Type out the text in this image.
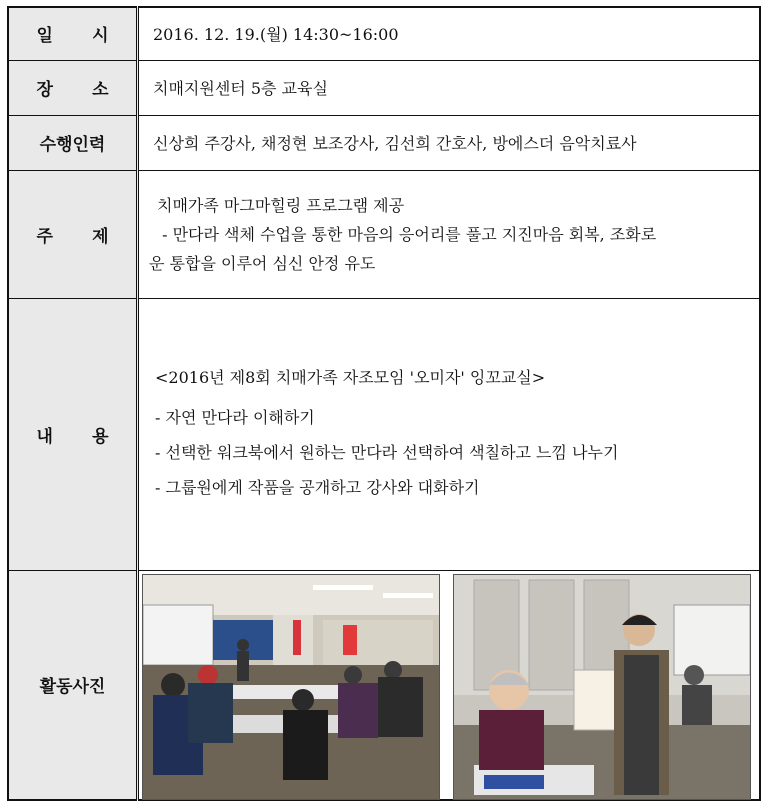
일 시	2016. 12. 19.(월) 14:30~16:00
장 소	치매지원센터 5층 교육실
수행인력	신상희 주강사, 채정현 보조강사, 김선희 간호사, 방에스더 음악치료사
주 제	치매가족 마그마힐링 프로그램 제공
- 만다라 색체 수업을 통한 마음의 응어리를 풀고 지진마음 회복, 조화로
운 통합을 이루어 심신 안정 유도

내 용	<2016년 제8회 치매가족 자조모임 '오미자' 잉꼬교실>
- 자연 만다라 이해하기
- 선택한 워크북에서 원하는 만다라 선택하여 색칠하고 느낌 나누기
- 그룹원에게 작품을 공개하고 강사와 대화하기

활동사진	
